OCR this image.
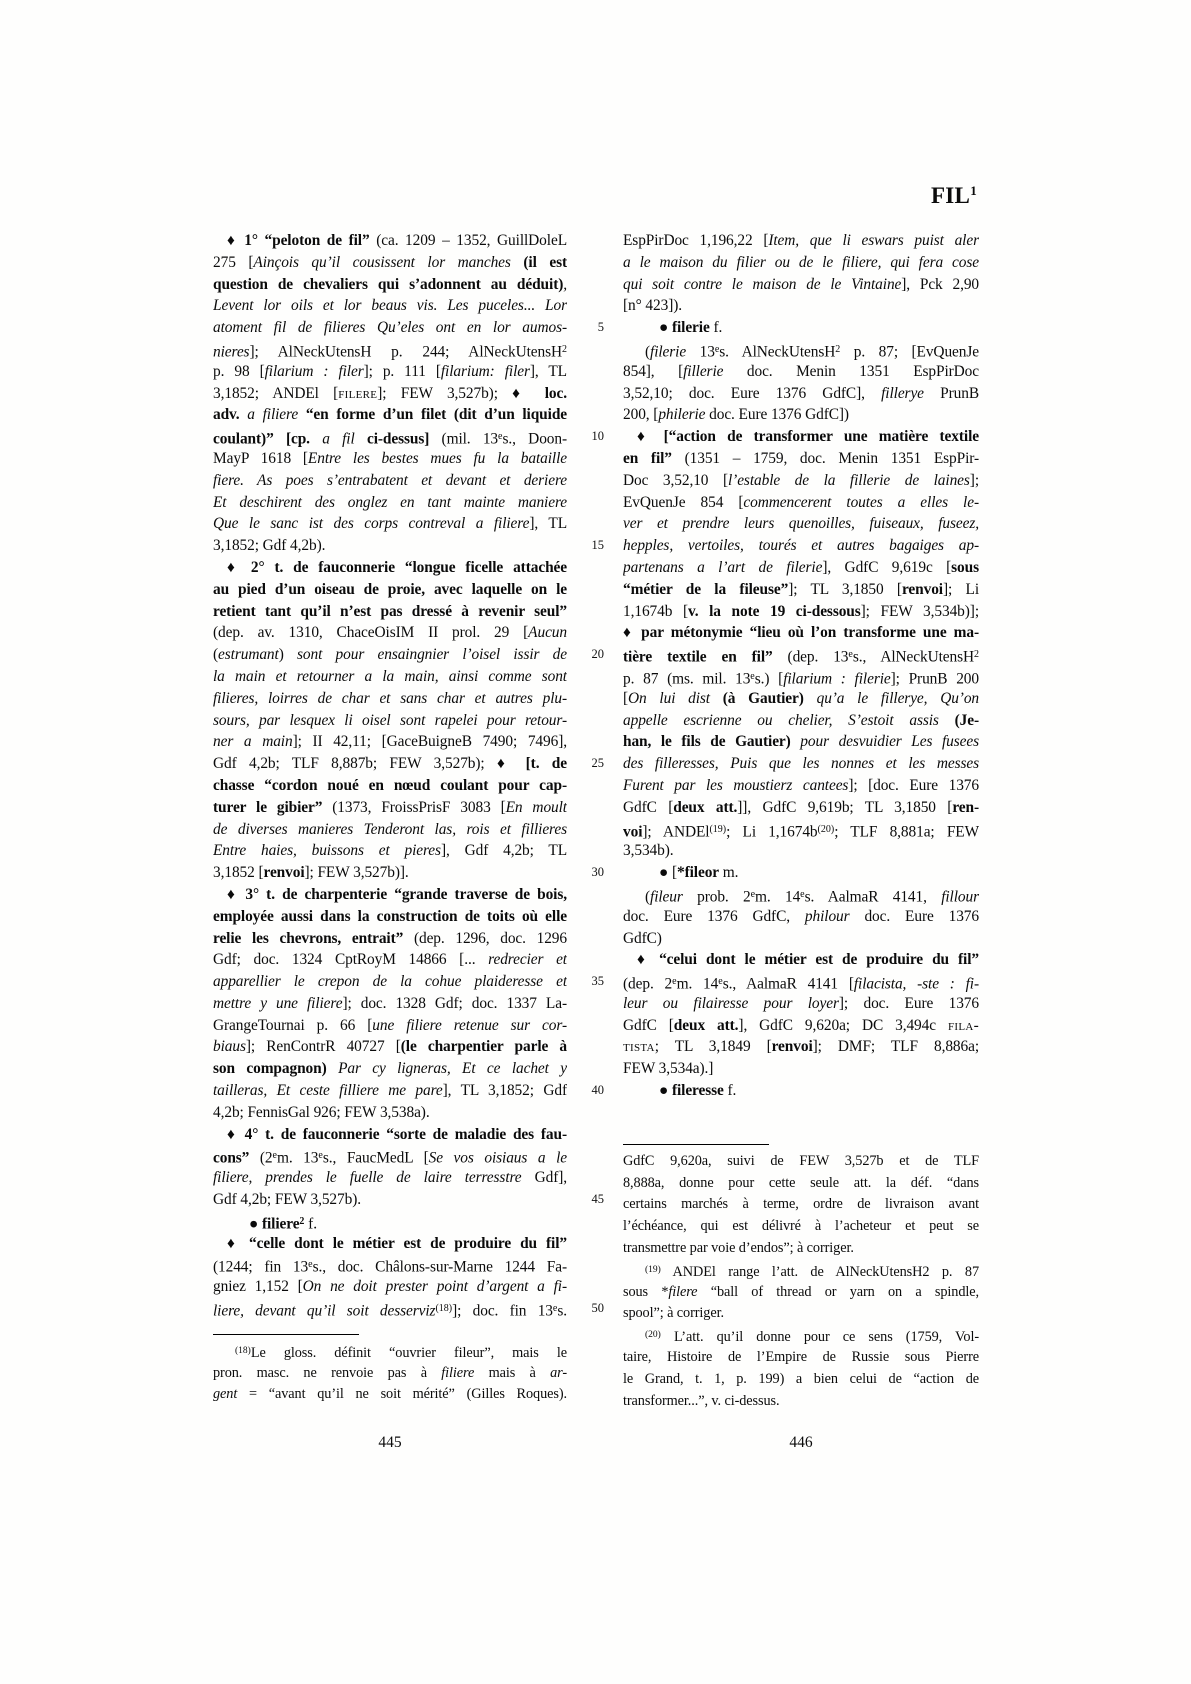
FIL$^1$
♦ 1° “peloton de fil” (ca. 1209 – 1352, GuillDoleL
275 [Ainçois qu’il cousissent lor manches (il est
question de chevaliers qui s’adonnent au déduit),
Levent lor oils et lor beaus vis. Les puceles... Lor
atoment fil de filieres Qu’eles ont en lor aumos-
nieres]; AlNeckUtensH p. 244; AlNeckUtensH$^2$
p. 98 [filarium : filer]; p. 111 [filarium: filer], TL
3,1852; ANDEl [filere]; FEW 3,527b); ♦ loc.
adv. a filiere “en forme d’un filet (dit d’un liquide
coulant)” [cp. a fil ci-dessus] (mil. 13es., Doon-
MayP 1618 [Entre les bestes mues fu la bataille
fiere. As poes s’entrabatent et devant et deriere
Et deschirent des onglez en tant mainte maniere
Que le sanc ist des corps contreval a filiere], TL
3,1852; Gdf 4,2b).
♦ 2° t. de fauconnerie “longue ficelle attachée
au pied d’un oiseau de proie, avec laquelle on le
retient tant qu’il n’est pas dressé à revenir seul”
(dep. av. 1310, ChaceOisIM II prol. 29 [Aucun
(estrumant) sont pour ensaingnier l’oisel issir de
la main et retourner a la main, ainsi comme sont
filieres, loirres de char et sans char et autres plu-
sours, par lesquex li oisel sont rapelei pour retour-
ner a main]; II 42,11; [GaceBuigneB 7490; 7496],
Gdf 4,2b; TLF 8,887b; FEW 3,527b); ♦ [t. de
chasse “cordon noué en nœud coulant pour cap-
turer le gibier” (1373, FroissPrisF 3083 [En moult
de diverses manieres Tenderont las, rois et fillieres
Entre haies, buissons et pieres], Gdf 4,2b; TL
3,1852 [renvoi]; FEW 3,527b)].
♦ 3° t. de charpenterie “grande traverse de bois,
employée aussi dans la construction de toits où elle
relie les chevrons, entrait” (dep. 1296, doc. 1296
Gdf; doc. 1324 CptRoyM 14866 [... redrecier et
apparellier le crepon de la cohue plaideresse et
mettre y une filiere]; doc. 1328 Gdf; doc. 1337 La-
GrangeTournai p. 66 [une filiere retenue sur cor-
biaus]; RenContrR 40727 [(le charpentier parle à
son compagnon) Par cy ligneras, Et ce lachet y
tailleras, Et ceste filliere me pare], TL 3,1852; Gdf
4,2b; FennisGal 926; FEW 3,538a).
♦ 4° t. de fauconnerie “sorte de maladie des fau-
cons” (2em. 13es., FaucMedL [Se vos oisiaus a le
filiere, prendes le fuelle de laire terresstre Gdf],
Gdf 4,2b; FEW 3,527b).
● filiere$^2$ f.
♦ “celle dont le métier est de produire du fil”
(1244; fin 13es., doc. Châlons-sur-Marne 1244 Fa-
gniez 1,152 [On ne doit prester point d’argent a fi-
liere, devant qu’il soit desserviz$^{(18)}$]; doc. fin 13es.
$^{(18)}$Le gloss. définit “ouvrier fileur”, mais le
pron. masc. ne renvoie pas à filiere mais à ar-
gent = “avant qu’il ne soit mérité” (Gilles Roques).
5
10
15
20
25
30
35
40
45
50
EspPirDoc 1,196,22 [Item, que li eswars puist aler
a le maison du filier ou de le filiere, qui fera cose
qui soit contre le maison de le Vintaine], Pck 2,90
[n° 423]).
● filerie f.
(filerie 13es. AlNeckUtensH$^2$ p. 87; [EvQuenJe
854], [fillerie doc. Menin 1351 EspPirDoc
3,52,10; doc. Eure 1376 GdfC], fillerye PrunB
200, [philerie doc. Eure 1376 GdfC])
♦ [“action de transformer une matière textile
en fil” (1351 – 1759, doc. Menin 1351 EspPir-
Doc 3,52,10 [l’estable de la fillerie de laines];
EvQuenJe 854 [commencerent toutes a elles le-
ver et prendre leurs quenoilles, fuiseaux, fuseez,
hepples, vertoiles, tourés et autres bagaiges ap-
partenans a l’art de filerie], GdfC 9,619c [sous
“métier de la fileuse”]; TL 3,1850 [renvoi]; Li
1,1674b [v. la note 19 ci-dessous]; FEW 3,534b)];
♦ par métonymie “lieu où l’on transforme une ma-
tière textile en fil” (dep. 13es., AlNeckUtensH$^2$
p. 87 (ms. mil. 13es.) [filarium : filerie]; PrunB 200
[On lui dist (à Gautier) qu’a le fillerye, Qu’on
appelle escrienne ou chelier, S’estoit assis (Je-
han, le fils de Gautier) pour desvuidier Les fusees
des filleresses, Puis que les nonnes et les messes
Furent par les moustierz cantees]; [doc. Eure 1376
GdfC [deux att.]], GdfC 9,619b; TL 3,1850 [ren-
voi]; ANDEl$^{(19)}$; Li $1,1674b^{(20)}$; TLF 8,881a; FEW
3,534b).
● [*fileor m.
(fileur prob. 2em. 14es. AalmaR 4141, fillour
doc. Eure 1376 GdfC, philour doc. Eure 1376
GdfC)
♦ “celui dont le métier est de produire du fil”
(dep. 2em. 14es., AalmaR 4141 [filacista, -ste : fi-
leur ou filairesse pour loyer]; doc. Eure 1376
GdfC [deux att.], GdfC 9,620a; DC 3,494c fila-
tista; TL 3,1849 [renvoi]; DMF; TLF 8,886a;
FEW 3,534a).]
● fileresse f.
GdfC 9,620a, suivi de FEW 3,527b et de TLF
8,888a, donne pour cette seule att. la déf. “dans
certains marchés à terme, ordre de livraison avant
l’échéance, qui est délivré à l’acheteur et peut se
transmettre par voie d’endos”; à corriger.
$^{(19)}$ ANDEl range l’att. de AlNeckUtensH2 p. 87
sous *filere “ball of thread or yarn on a spindle,
spool”; à corriger.
$^{(20)}$ L’att. qu’il donne pour ce sens (1759, Vol-
taire, Histoire de l’Empire de Russie sous Pierre
le Grand, t. 1, p. 199) a bien celui de “action de
transformer...”, v. ci-dessus.
445	446
